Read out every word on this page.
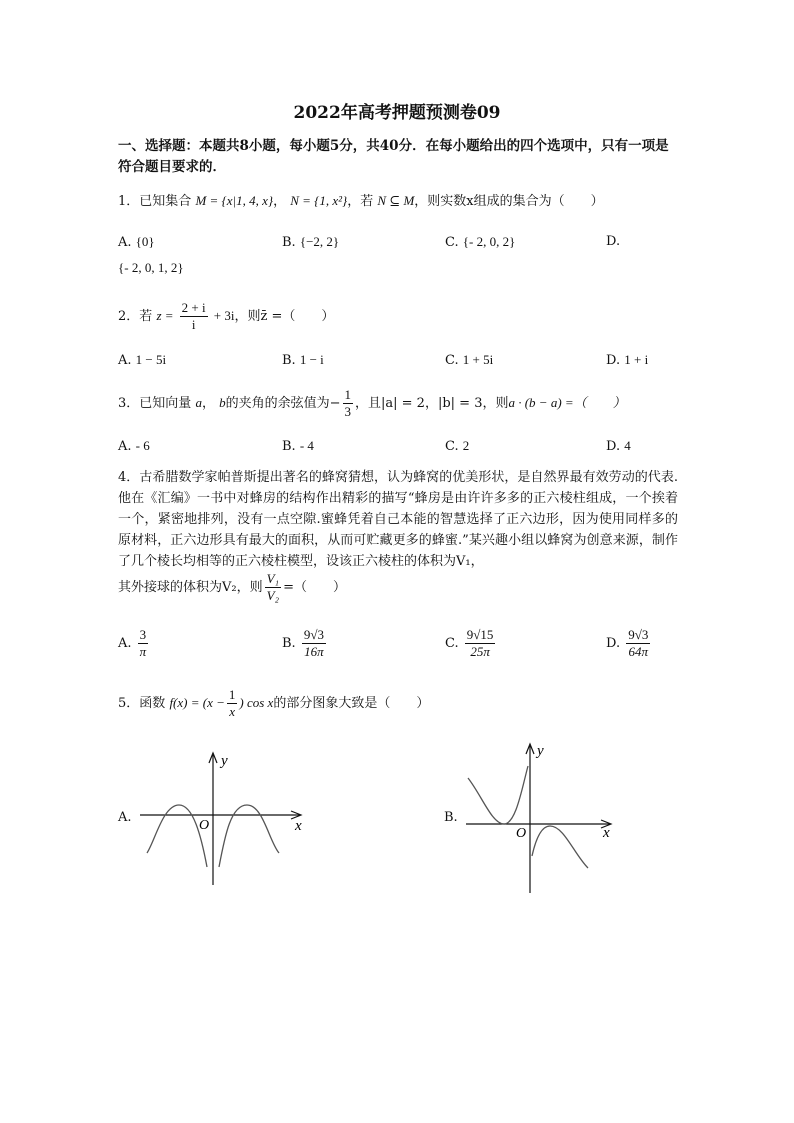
2022年高考押题预测卷09
一、选择题：本题共8小题，每小题5分，共40分．在每小题给出的四个选项中，只有一项是符合题目要求的．
1．已知集合 M = {x|1, 4, x}， N = {1, x²}，若 N ⊆ M，则实数x组成的集合为（　　）
A. {0}	B. {−2, 2}	C. {- 2, 0, 2}	D.
{- 2, 0, 1, 2}
2．若 $z = \frac{2 + i}{i} + 3i$，则z̄ =（　　）
A. 1 − 5i	B. 1 − i	C. 1 + 5i	D. 1 + i
3．已知向量 a， b的夹角的余弦值为− $\frac{1}{3}$ ，且|a| = 2，|b| = 3，则a · (b − a) =（　　）
A. - 6	B. - 4	C. 2	D. 4
4．古希腊数学家帕普斯提出著名的蜂窝猜想，认为蜂窝的优美形状，是自然界最有效劳动的代表.他在《汇编》一书中对蜂房的结构作出精彩的描写“蜂房是由许许多多的正六棱柱组成，一个挨着一个，紧密地排列，没有一点空隙.蜜蜂凭着自己本能的智慧选择了正六边形，因为使用同样多的原材料，正六边形具有最大的面积，从而可贮藏更多的蜂蜜.”某兴趣小组以蜂窝为创意来源，制作了几个棱长均相等的正六棱柱模型，设该正六棱柱的体积为V₁，
其外接球的体积为V₂，则 $\frac{\text{V₁}}{\text{V₂}}$ =（　　）
A. $\frac{3}{\pi}$	B. $\frac{9√3}{16\pi}$	C. $\frac{9√15}{25\pi}$	D. $\frac{9√3}{64\pi}$
5．函数 $f(x) = (x - \frac{1}{x}$ ) cos x的部分图象大致是（　　）
A.
y
x
O
B.
y
x
O
